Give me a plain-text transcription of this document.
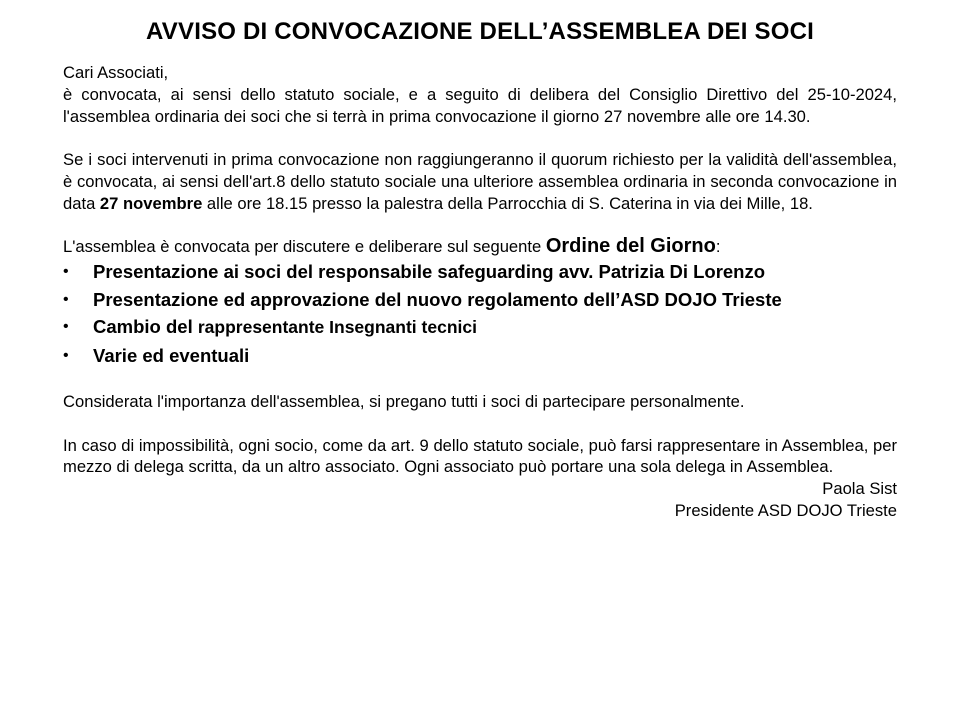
AVVISO DI CONVOCAZIONE DELL’ASSEMBLEA DEI SOCI

Cari Associati,

è convocata, ai sensi dello statuto sociale, e a seguito di delibera del Consiglio Direttivo del 25-10-2024, l'assemblea ordinaria dei soci che si terrà in prima convocazione il giorno 27 novembre alle ore 14.30.

Se i soci intervenuti in prima convocazione non raggiungeranno il quorum richiesto per la validità dell'assemblea, è convocata, ai sensi dell'art.8 dello statuto sociale una ulteriore assemblea ordinaria in seconda convocazione in data 27 novembre alle ore 18.15 presso la palestra della Parrocchia di S. Caterina in via dei Mille, 18.

L'assemblea è convocata per discutere e deliberare sul seguente Ordine del Giorno:

• Presentazione ai soci del responsabile safeguarding avv. Patrizia Di Lorenzo
• Presentazione ed approvazione del nuovo regolamento dell’ASD DOJO Trieste
• Cambio del rappresentante Insegnanti tecnici
• Varie ed eventuali

Considerata l'importanza dell'assemblea, si pregano tutti i soci di partecipare personalmente.

In caso di impossibilità, ogni socio, come da art. 9 dello statuto sociale, può farsi rappresentare in Assemblea, per mezzo di delega scritta, da un altro associato. Ogni associato può portare una sola delega in Assemblea.

Paola Sist

Presidente ASD DOJO Trieste
